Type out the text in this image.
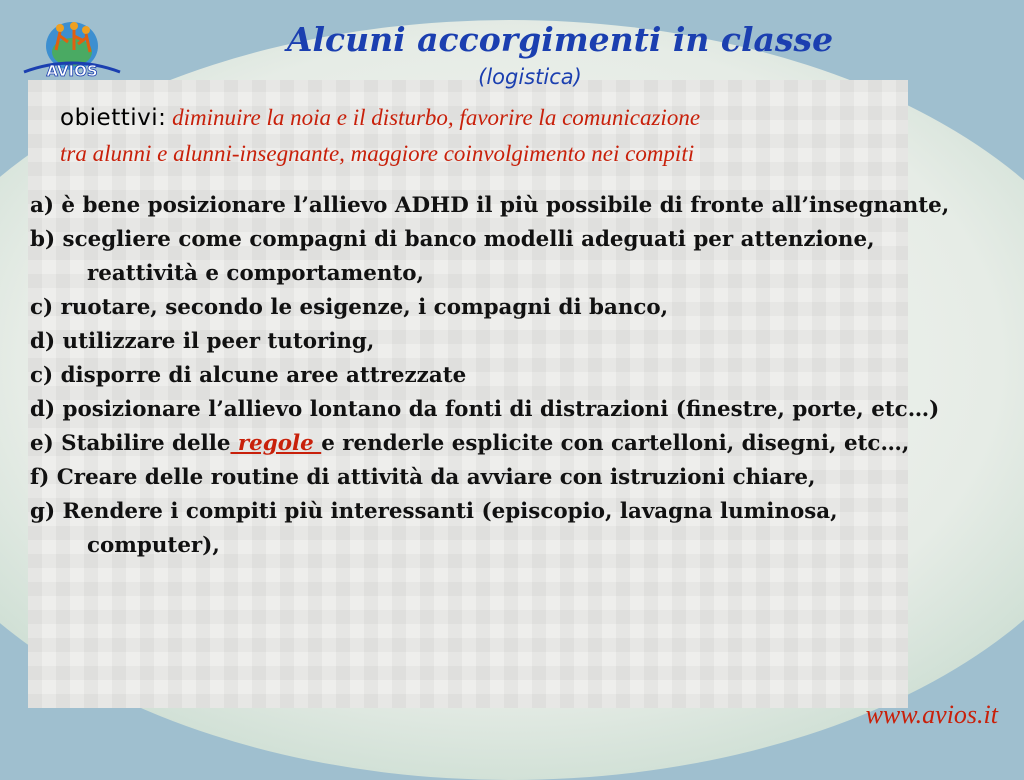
AVIOS
Alcuni accorgimenti in classe
(logistica)
obiettivi: diminuire la noia e il disturbo, favorire la comunicazione
tra alunni e alunni-insegnante, maggiore coinvolgimento nei compiti
a) è bene posizionare l’allievo ADHD il più possibile di fronte all’insegnante,
b) scegliere come compagni di banco modelli adeguati per attenzione, reattività e comportamento,
c) ruotare, secondo le esigenze, i compagni di banco,
d) utilizzare il peer tutoring,
c) disporre di alcune aree attrezzate
d) posizionare l’allievo lontano da fonti di distrazioni (finestre, porte, etc…)
e) Stabilire delle regole e renderle esplicite con cartelloni, disegni, etc…,
f) Creare delle routine di attività da avviare con istruzioni chiare,
g) Rendere i compiti più interessanti (episcopio, lavagna luminosa, computer),
www.avios.it
